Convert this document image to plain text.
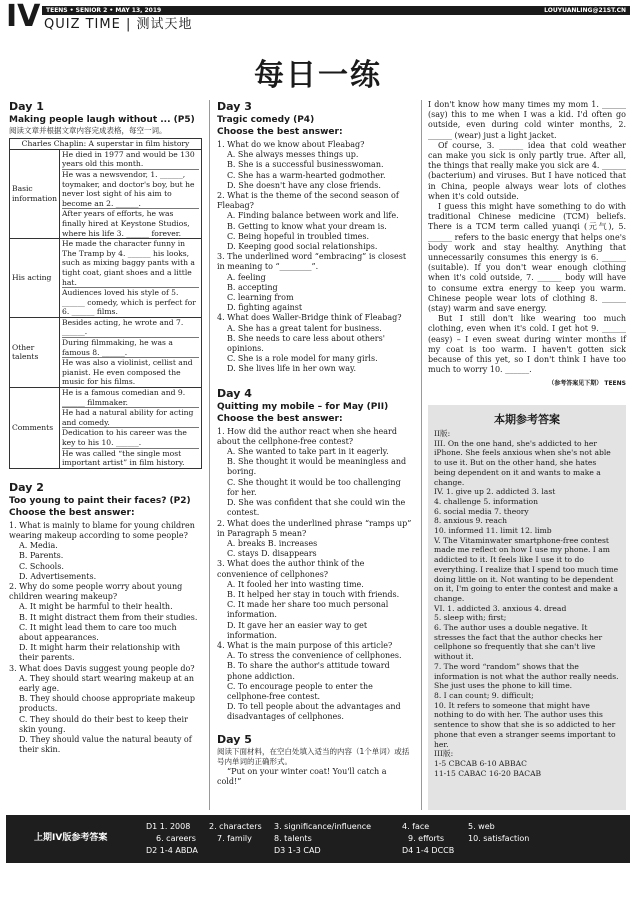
IV TEENS • SENIOR 2 • MAY 13, 2019	LOUYUANLING@21ST.CN
QUIZ TIME | 测试天地
每日一练
Day 1
Making people laugh without ... (P5)
阅读文章并根据文章内容完成表格，每空一词。
Charles Chaplin: A superstar in film history	
Basic information	He died in 1977 and would be 130 years old this month.
He was a newsvendor, 1. ______, toymaker, and doctor's boy, but he never lost sight of his aim to become an 2. ______.
After years of efforts, he was finally hired at Keystone Studios, where his life 3. ______ forever.

His acting	He made the character funny in The Tramp by 4. ______ his looks, such as mixing baggy pants with a tight coat, giant shoes and a little hat.
Audiences loved his style of 5. ______ comedy, which is perfect for 6. ______ films.

Other talents	Besides acting, he wrote and 7. ______.
During filmmaking, he was a famous 8. ______.
He was also a violinist, cellist and pianist. He even composed the music for his films.

Comments	He is a famous comedian and 9. ______ filmmaker.
He had a natural ability for acting and comedy.
Dedication to his career was the key to his 10. ______.
He was called “the single most important artist” in film history.
Day 2
Too young to paint their faces? (P2)
Choose the best answer:
1. What is mainly to blame for young children wearing makeup according to some people?
A. Media.
B. Parents.
C. Schools.
D. Advertisements.
2. Why do some people worry about young children wearing makeup?
A. It might be harmful to their health.
B. It might distract them from their studies.
C. It might lead them to care too much about appearances.
D. It might harm their relationship with their parents.
3. What does Davis suggest young people do?
A. They should start wearing makeup at an early age.
B. They should choose appropriate makeup products.
C. They should do their best to keep their skin young.
D. They should value the natural beauty of their skin.
Day 3
Tragic comedy (P4)
Choose the best answer:
1. What do we know about Fleabag?
A. She always messes things up.
B. She is a successful businesswoman.
C. She has a warm-hearted godmother.
D. She doesn't have any close friends.
2. What is the theme of the second season of Fleabag?
A. Finding balance between work and life.
B. Getting to know what your dream is.
C. Being hopeful in troubled times.
D. Keeping good social relationships.
3. The underlined word “embracing” is closest in meaning to “________”.
A. feeling
B. accepting
C. learning from
D. fighting against
4. What does Waller-Bridge think of Fleabag?
A. She has a great talent for business.
B. She needs to care less about others' opinions.
C. She is a role model for many girls.
D. She lives life in her own way.
Day 4
Quitting my mobile – for May (PII)
Choose the best answer:
1. How did the author react when she heard about the cellphone-free contest?
A. She wanted to take part in it eagerly.
B. She thought it would be meaningless and boring.
C. She thought it would be too challenging for her.
D. She was confident that she could win the contest.
2. What does the underlined phrase “ramps up” in Paragraph 5 mean?
A. breaks B. increases
C. stays D. disappears
3. What does the author think of the convenience of cellphones?
A. It fooled her into wasting time.
B. It helped her stay in touch with friends.
C. It made her share too much personal information.
D. It gave her an easier way to get information.
4. What is the main purpose of this article?
A. To stress the convenience of cellphones.
B. To share the author's attitude toward phone addiction.
C. To encourage people to enter the cellphone-free contest.
D. To tell people about the advantages and disadvantages of cellphones.
Day 5
阅读下面材料，在空白处填入适当的内容（1个单词）或括号内单词的正确形式。
“Put on your winter coat! You'll catch a cold!”
I don't know how many times my mom 1. ______ (say) this to me when I was a kid. I'd often go outside, even during cold winter months, 2. ______ (wear) just a light jacket.
Of course, 3. ______ idea that cold weather can make you sick is only partly true. After all, the things that really make you sick are 4. ______ (bacterium) and viruses. But I have noticed that in China, people always wear lots of clothes when it's cold outside.
I guess this might have something to do with traditional Chinese medicine (TCM) beliefs. There is a TCM term called yuanqi (元气), 5. ______ refers to the basic energy that helps one's body work and stay healthy. Anything that unnecessarily consumes this energy is 6. ______ (suitable). If you don't wear enough clothing when it's cold outside, 7. ______ body will have to consume extra energy to keep you warm. Chinese people wear lots of clothing 8. ______ (stay) warm and save energy.
But I still don't like wearing too much clothing, even when it's cold. I get hot 9. ______ (easy) – I even sweat during winter months if my coat is too warm. I haven't gotten sick because of this yet, so I don't think I have too much to worry 10. ______.
（参考答案见下期） TEENS
本期参考答案
II版:
III. On the one hand, she's addicted to her iPhone. She feels anxious when she's not able to use it. But on the other hand, she hates being dependent on it and wants to make a change.
IV. 1. give up 2. addicted 3. last
4. challenge 5. information
6. social media 7. theory
8. anxious 9. reach
10. informed 11. limit 12. limb
V. The Vitaminwater smartphone-free contest made me reflect on how I use my phone. I am addicted to it. It feels like I use it to do everything. I realize that I spend too much time doing little on it. Not wanting to be dependent on it, I'm going to enter the contest and make a change.
VI. 1. addicted 3. anxious 4. dread
5. sleep with; first;
6. The author uses a double negative. It stresses the fact that the author checks her cellphone so frequently that she can't live without it.
7. The word “random” shows that the information is not what the author really needs. She just uses the phone to kill time.
8. I can count; 9. difficult;
10. It refers to someone that might have nothing to do with her. The author uses this sentence to show that she is so addicted to her phone that even a stranger seems important to her.
III版:
1-5 CBCAB 6-10 ABBAC
11-15 CABAC 16-20 BACAB
上期IV版参考答案
D1 1. 2008 2. characters 3. significance/influence	4. face	5. web
6. careers	7. family	8. talents	9. efforts	10. satisfaction
D2 1-4 ABDA	D3 1-3 CAD	D4 1-4 DCCB
